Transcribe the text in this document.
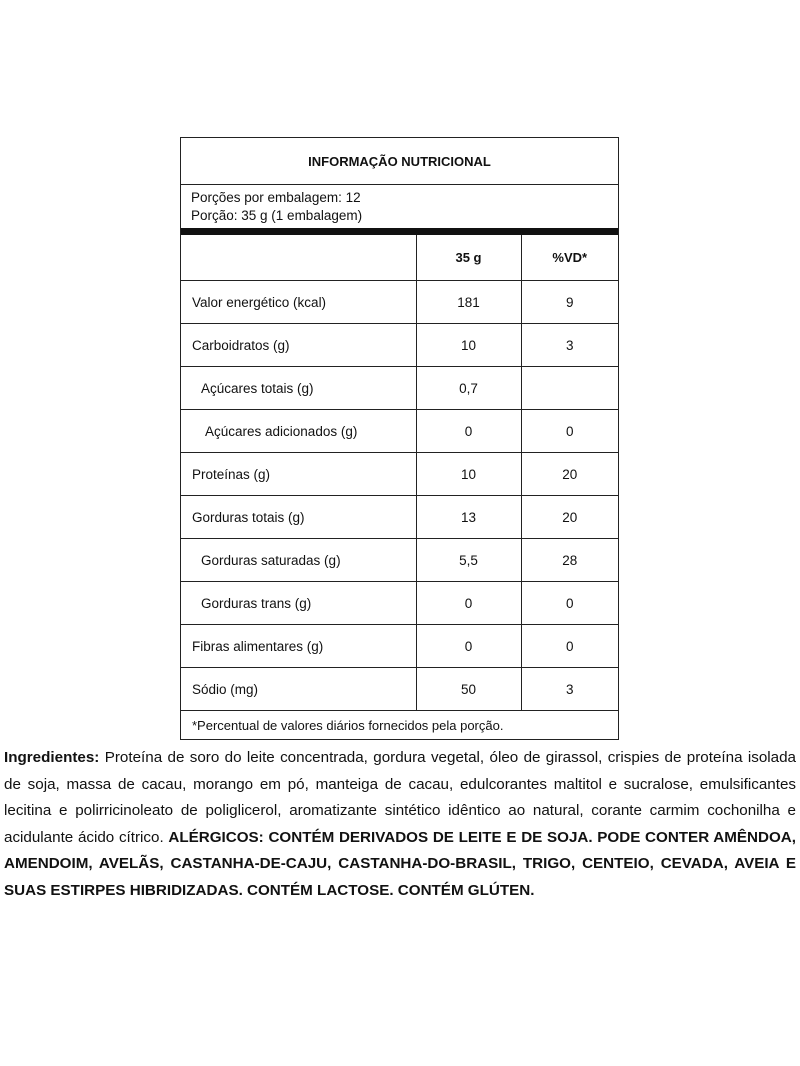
INFORMAÇÃO NUTRICIONAL
Porções por embalagem: 12
Porção: 35 g (1 embalagem)
	35 g	%VD*
Valor energético (kcal)	181	9
Carboidratos (g)	10	3
Açúcares totais (g)	0,7	
Açúcares adicionados (g)	0	0
Proteínas (g)	10	20
Gorduras totais (g)	13	20
Gorduras saturadas (g)	5,5	28
Gorduras trans (g)	0	0
Fibras alimentares (g)	0	0
Sódio (mg)	50	3
*Percentual de valores diários fornecidos pela porção.
Ingredientes: Proteína de soro do leite concentrada, gordura vegetal, óleo de girassol, crispies de proteína isolada de soja, massa de cacau, morango em pó, manteiga de cacau, edulcorantes maltitol e sucralose, emulsificantes lecitina e polirricinoleato de poliglicerol, aromatizante sintético idêntico ao natural, corante carmim cochonilha e acidulante ácido cítrico. ALÉRGICOS: CONTÉM DERIVADOS DE LEITE E DE SOJA. PODE CONTER AMÊNDOA, AMENDOIM, AVELÃS, CASTANHA-DE-CAJU, CASTANHA-DO-BRASIL, TRIGO, CENTEIO, CEVADA, AVEIA E SUAS ESTIRPES HIBRIDIZADAS. CONTÉM LACTOSE. CONTÉM GLÚTEN.
